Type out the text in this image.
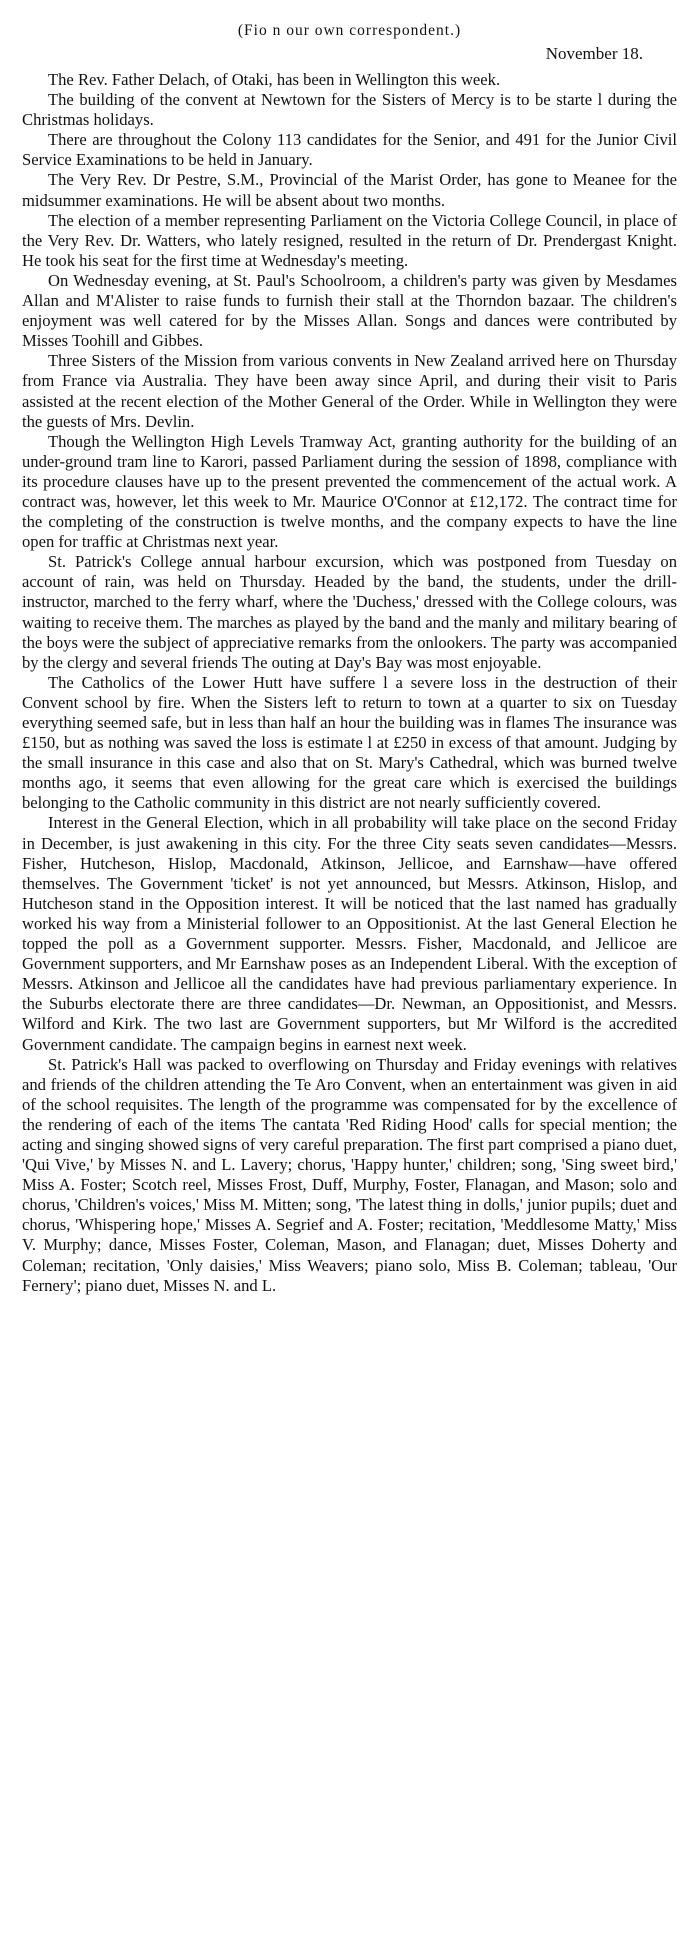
(Fio n our own correspondent.)
November 18.

The Rev. Father Delach, of Otaki, has been in Wellington this week.

The building of the convent at Newtown for the Sisters of Mercy is to be starte l during the Christmas holidays.

There are throughout the Colony 113 candidates for the Senior, and 491 for the Junior Civil Service Examinations to be held in January.

The Very Rev. Dr Pestre, S.M., Provincial of the Marist Order, has gone to Meanee for the midsummer examinations. He will be absent about two months.

The election of a member representing Parliament on the Victoria College Council, in place of the Very Rev. Dr. Watters, who lately resigned, resulted in the return of Dr. Prendergast Knight. He took his seat for the first time at Wednesday's meeting.

On Wednesday evening, at St. Paul's Schoolroom, a children's party was given by Mesdames Allan and M'Alister to raise funds to furnish their stall at the Thorndon bazaar. The children's enjoyment was well catered for by the Misses Allan. Songs and dances were contributed by Misses Toohill and Gibbes.

Three Sisters of the Mission from various convents in New Zealand arrived here on Thursday from France via Australia. They have been away since April, and during their visit to Paris assisted at the recent election of the Mother General of the Order. While in Wellington they were the guests of Mrs. Devlin.

Though the Wellington High Levels Tramway Act, granting authority for the building of an under-ground tram line to Karori, passed Parliament during the session of 1898, compliance with its procedure clauses have up to the present prevented the commencement of the actual work. A contract was, however, let this week to Mr. Maurice O'Connor at £12,172. The contract time for the completing of the construction is twelve months, and the company expects to have the line open for traffic at Christmas next year.

St. Patrick's College annual harbour excursion, which was postponed from Tuesday on account of rain, was held on Thursday. Headed by the band, the students, under the drill-instructor, marched to the ferry wharf, where the 'Duchess,' dressed with the College colours, was waiting to receive them. The marches as played by the band and the manly and military bearing of the boys were the subject of appreciative remarks from the onlookers. The party was accompanied by the clergy and several friends The outing at Day's Bay was most enjoyable.

The Catholics of the Lower Hutt have suffere l a severe loss in the destruction of their Convent school by fire. When the Sisters left to return to town at a quarter to six on Tuesday everything seemed safe, but in less than half an hour the building was in flames The insurance was £150, but as nothing was saved the loss is estimate l at £250 in excess of that amount. Judging by the small insurance in this case and also that on St. Mary's Cathedral, which was burned twelve months ago, it seems that even allowing for the great care which is exercised the buildings belonging to the Catholic community in this district are not nearly sufficiently covered.

Interest in the General Election, which in all probability will take place on the second Friday in December, is just awakening in this city. For the three City seats seven candidates—Messrs. Fisher, Hutcheson, Hislop, Macdonald, Atkinson, Jellicoe, and Earnshaw—have offered themselves. The Government 'ticket' is not yet announced, but Messrs. Atkinson, Hislop, and Hutcheson stand in the Opposition interest. It will be noticed that the last named has gradually worked his way from a Ministerial follower to an Oppositionist. At the last General Election he topped the poll as a Government supporter. Messrs. Fisher, Macdonald, and Jellicoe are Government supporters, and Mr Earnshaw poses as an Independent Liberal. With the exception of Messrs. Atkinson and Jellicoe all the candidates have had previous parliamentary experience. In the Suburbs electorate there are three candidates—Dr. Newman, an Oppositionist, and Messrs. Wilford and Kirk. The two last are Government supporters, but Mr Wilford is the accredited Government candidate. The campaign begins in earnest next week.

St. Patrick's Hall was packed to overflowing on Thursday and Friday evenings with relatives and friends of the children attending the Te Aro Convent, when an entertainment was given in aid of the school requisites. The length of the programme was compensated for by the excellence of the rendering of each of the items The cantata 'Red Riding Hood' calls for special mention; the acting and singing showed signs of very careful preparation. The first part comprised a piano duet, 'Qui Vive,' by Misses N. and L. Lavery; chorus, 'Happy hunter,' children; song, 'Sing sweet bird,' Miss A. Foster; Scotch reel, Misses Frost, Duff, Murphy, Foster, Flanagan, and Mason; solo and chorus, 'Children's voices,' Miss M. Mitten; song, 'The latest thing in dolls,' junior pupils; duet and chorus, 'Whispering hope,' Misses A. Segrief and A. Foster; recitation, 'Meddlesome Matty,' Miss V. Murphy; dance, Misses Foster, Coleman, Mason, and Flanagan; duet, Misses Doherty and Coleman; recitation, 'Only daisies,' Miss Weavers; piano solo, Miss B. Coleman; tableau, 'Our Fernery'; piano duet, Misses N. and L.
